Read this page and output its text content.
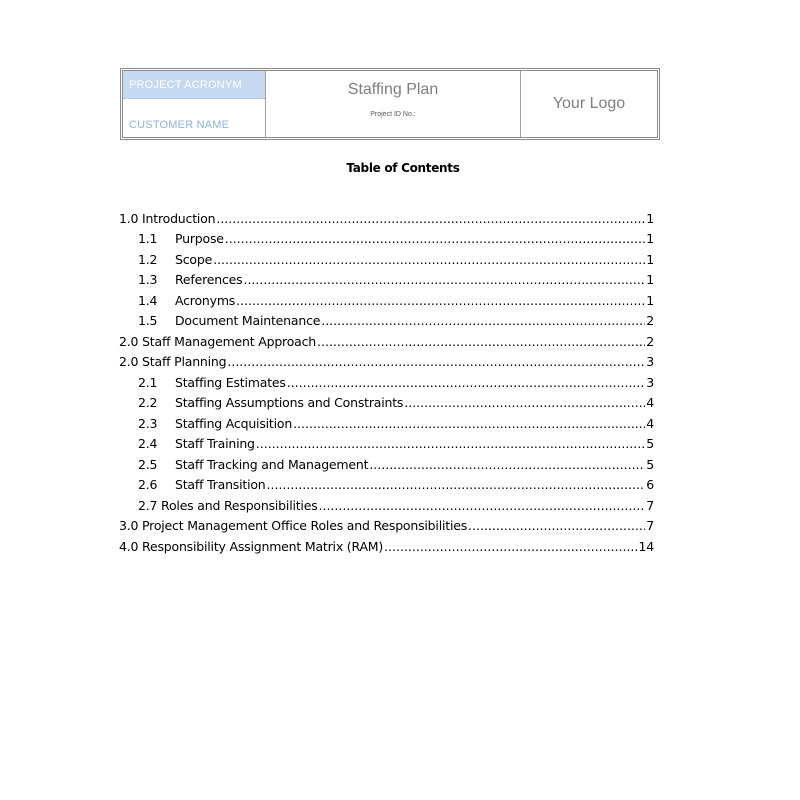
PROJECT ACRONYM
CUSTOMER NAME
Staffing Plan
Project ID No.:
Your Logo
Table of Contents
1.0 Introduction .....	1
1.1	Purpose .....	1
1.2	Scope .....	1
1.3	References .....	1
1.4	Acronyms .....	1
1.5	Document Maintenance .....	2
2.0 Staff Management Approach .....	2
2.0 Staff Planning .....	3
2.1	Staffing Estimates .....	3
2.2	Staffing Assumptions and Constraints .....	4
2.3	Staffing Acquisition .....	4
2.4	Staff Training .....	5
2.5	Staff Tracking and Management .....	5
2.6	Staff Transition .....	6
2.7 Roles and Responsibilities .....	7
3.0 Project Management Office Roles and Responsibilities .....	7
4.0 Responsibility Assignment Matrix (RAM) .....	14
